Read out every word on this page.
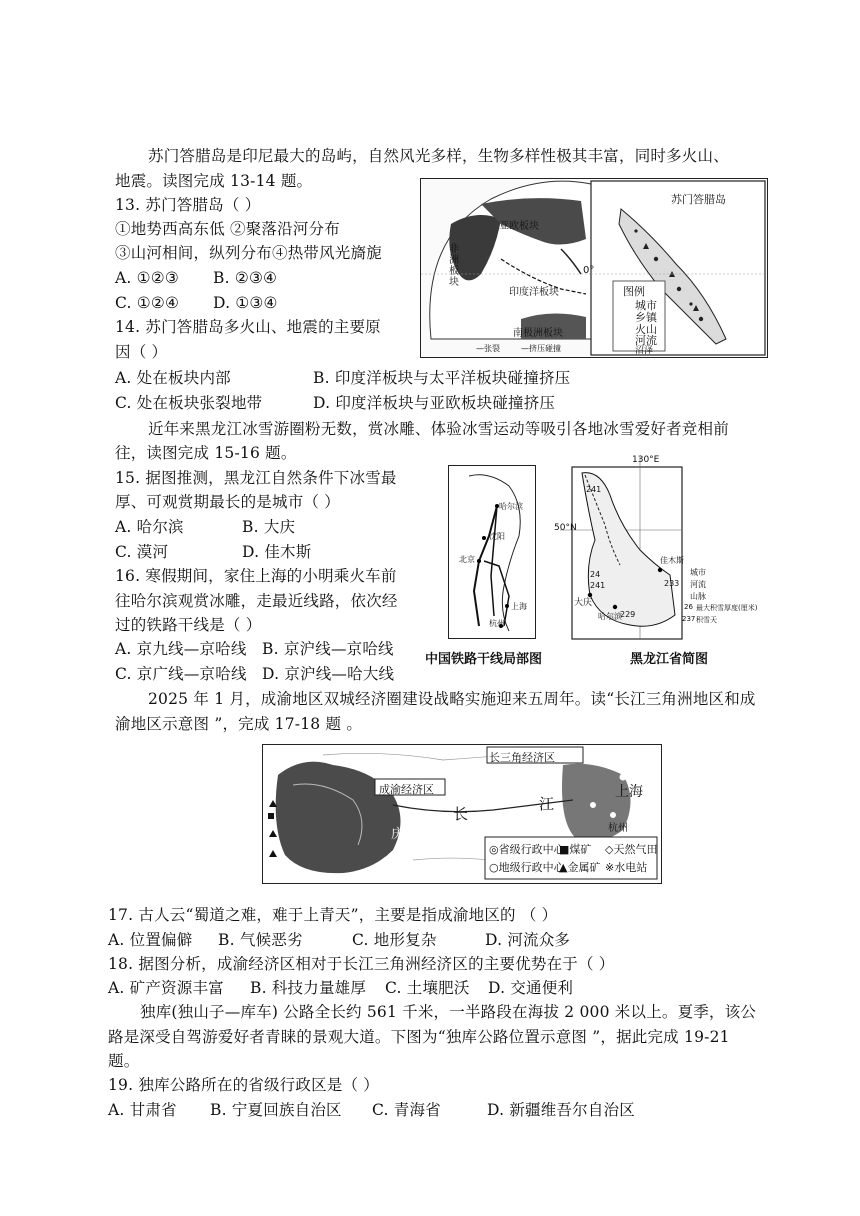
苏门答腊岛是印尼最大的岛屿，自然风光多样，生物多样性极其丰富，同时多火山、
地震。读图完成 13-14 题。
13. 苏门答腊岛（ ）
①地势西高东低 ②聚落沿河分布
③山河相间，纵列分布④热带风光旖旎
A. ①②③ B. ②③④
C. ①②④ D. ①③④
14. 苏门答腊岛多火山、地震的主要原
因（ ）
A. 处在板块内部	B. 印度洋板块与太平洋板块碰撞挤压
C. 处在板块张裂地带	D. 印度洋板块与亚欧板块碰撞挤压
苏门答腊岛
亚欧板块
非洲板块
印度洋板块
南极洲板块
0°
图例
城市
乡镇
火山
河流
沼泽
—张裂	—挤压碰撞
近年来黑龙江冰雪游圈粉无数，赏冰雕、体验冰雪运动等吸引各地冰雪爱好者竞相前
往，读图完成 15-16 题。
15. 据图推测，黑龙江自然条件下冰雪最
厚、可观赏期最长的是城市（ ）
A. 哈尔滨	B. 大庆
C. 漠河	D. 佳木斯
16. 寒假期间，家住上海的小明乘火车前
往哈尔滨观赏冰雕，走最近线路，依次经
过的铁路干线是（ ）
A. 京九线—京哈线 B. 京沪线—京哈线
C. 京广线—京哈线 D. 京沪线—哈大线
哈尔滨
沈阳
北京
上海
杭州
中国铁路干线局部图
130°E
50°N
241
24
241
229
233
大庆
哈尔滨
佳木斯
城市
河流
山脉
26 最大积雪厚度(厘米)
237 积雪天
黑龙江省简图
2025 年 1 月，成渝地区双城经济圈建设战略实施迎来五周年。读“长江三角洲地区和成
渝地区示意图 ”，完成 17-18 题 。
长三角经济区
成渝经济区
长
江
上海
杭州
庆
◎省级行政中心
■煤矿 ◇天然气田
○地级行政中心
▲金属矿 ※水电站
17. 古人云“蜀道之难，难于上青天”，主要是指成渝地区的 （ ）
A. 位置偏僻 B. 气候恶劣	C. 地形复杂	D. 河流众多
18. 据图分析，成渝经济区相对于长江三角洲经济区的主要优势在于（ ）
A. 矿产资源丰富 B. 科技力量雄厚 C. 土壤肥沃 D. 交通便利
独库(独山子—库车) 公路全长约 561 千米，一半路段在海拔 2 000 米以上。夏季，该公
路是深受自驾游爱好者青睐的景观大道。下图为“独库公路位置示意图 ”，据此完成 19-21
题。
19. 独库公路所在的省级行政区是（ ）
A. 甘肃省 B. 宁夏回族自治区 C. 青海省	D. 新疆维吾尔自治区
